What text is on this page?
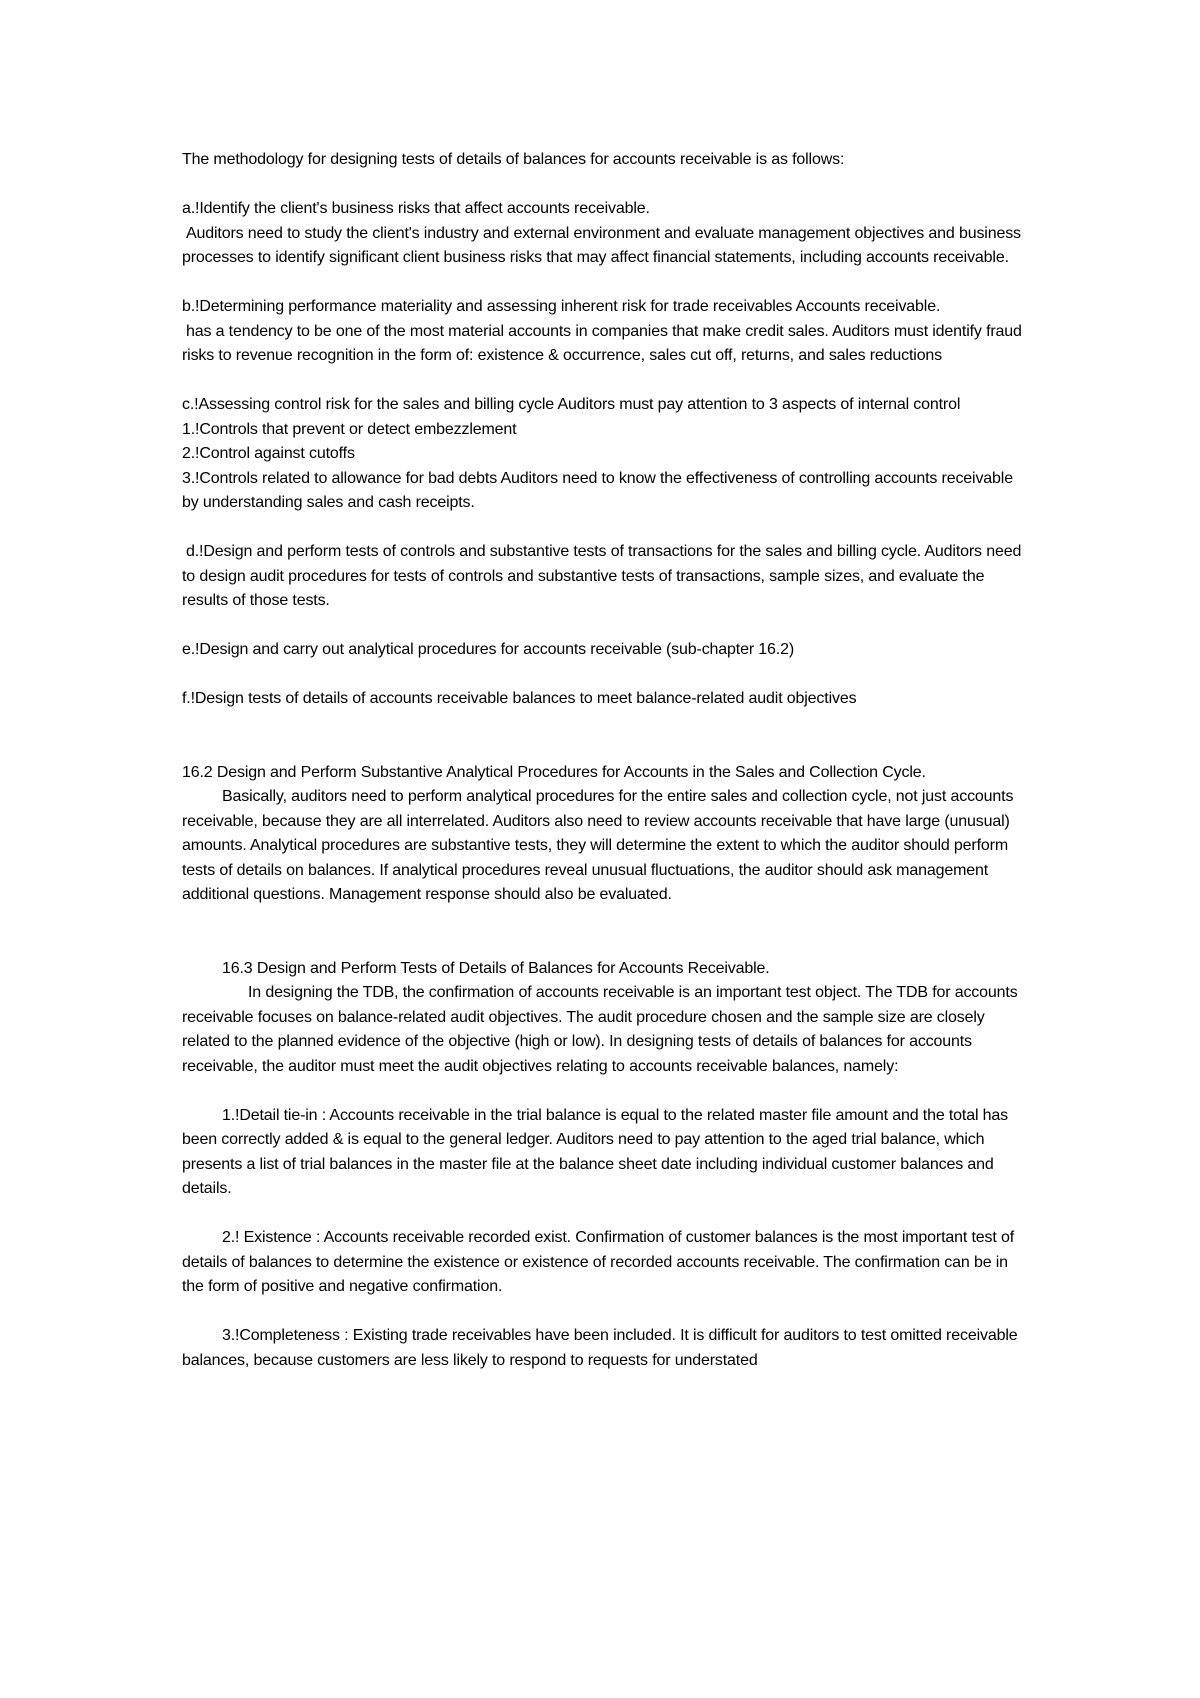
The methodology for designing tests of details of balances for accounts receivable is as follows:

a.!Identify the client's business risks that affect accounts receivable.

Auditors need to study the client's industry and external environment and evaluate management objectives and business processes to identify significant client business risks that may affect financial statements, including accounts receivable.

b.!Determining performance materiality and assessing inherent risk for trade receivables Accounts receivable.

has a tendency to be one of the most material accounts in companies that make credit sales. Auditors must identify fraud risks to revenue recognition in the form of: existence & occurrence, sales cut off, returns, and sales reductions

c.!Assessing control risk for the sales and billing cycle Auditors must pay attention to 3 aspects of internal control

1.!Controls that prevent or detect embezzlement

2.!Control against cutoffs

3.!Controls related to allowance for bad debts Auditors need to know the effectiveness of controlling accounts receivable by understanding sales and cash receipts.

d.!Design and perform tests of controls and substantive tests of transactions for the sales and billing cycle. Auditors need to design audit procedures for tests of controls and substantive tests of transactions, sample sizes, and evaluate the results of those tests.

e.!Design and carry out analytical procedures for accounts receivable (sub-chapter 16.2)

f.!Design tests of details of accounts receivable balances to meet balance-related audit objectives

16.2 Design and Perform Substantive Analytical Procedures for Accounts in the Sales and Collection Cycle.

Basically, auditors need to perform analytical procedures for the entire sales and collection cycle, not just accounts receivable, because they are all interrelated. Auditors also need to review accounts receivable that have large (unusual) amounts. Analytical procedures are substantive tests, they will determine the extent to which the auditor should perform tests of details on balances. If analytical procedures reveal unusual fluctuations, the auditor should ask management additional questions. Management response should also be evaluated.

16.3 Design and Perform Tests of Details of Balances for Accounts Receivable.

In designing the TDB, the confirmation of accounts receivable is an important test object. The TDB for accounts receivable focuses on balance-related audit objectives. The audit procedure chosen and the sample size are closely related to the planned evidence of the objective (high or low). In designing tests of details of balances for accounts receivable, the auditor must meet the audit objectives relating to accounts receivable balances, namely:

1.!Detail tie-in : Accounts receivable in the trial balance is equal to the related master file amount and the total has been correctly added & is equal to the general ledger. Auditors need to pay attention to the aged trial balance, which presents a list of trial balances in the master file at the balance sheet date including individual customer balances and details.

2.! Existence : Accounts receivable recorded exist. Confirmation of customer balances is the most important test of details of balances to determine the existence or existence of recorded accounts receivable. The confirmation can be in the form of positive and negative confirmation.

3.!Completeness : Existing trade receivables have been included. It is difficult for auditors to test omitted receivable balances, because customers are less likely to respond to requests for understated
